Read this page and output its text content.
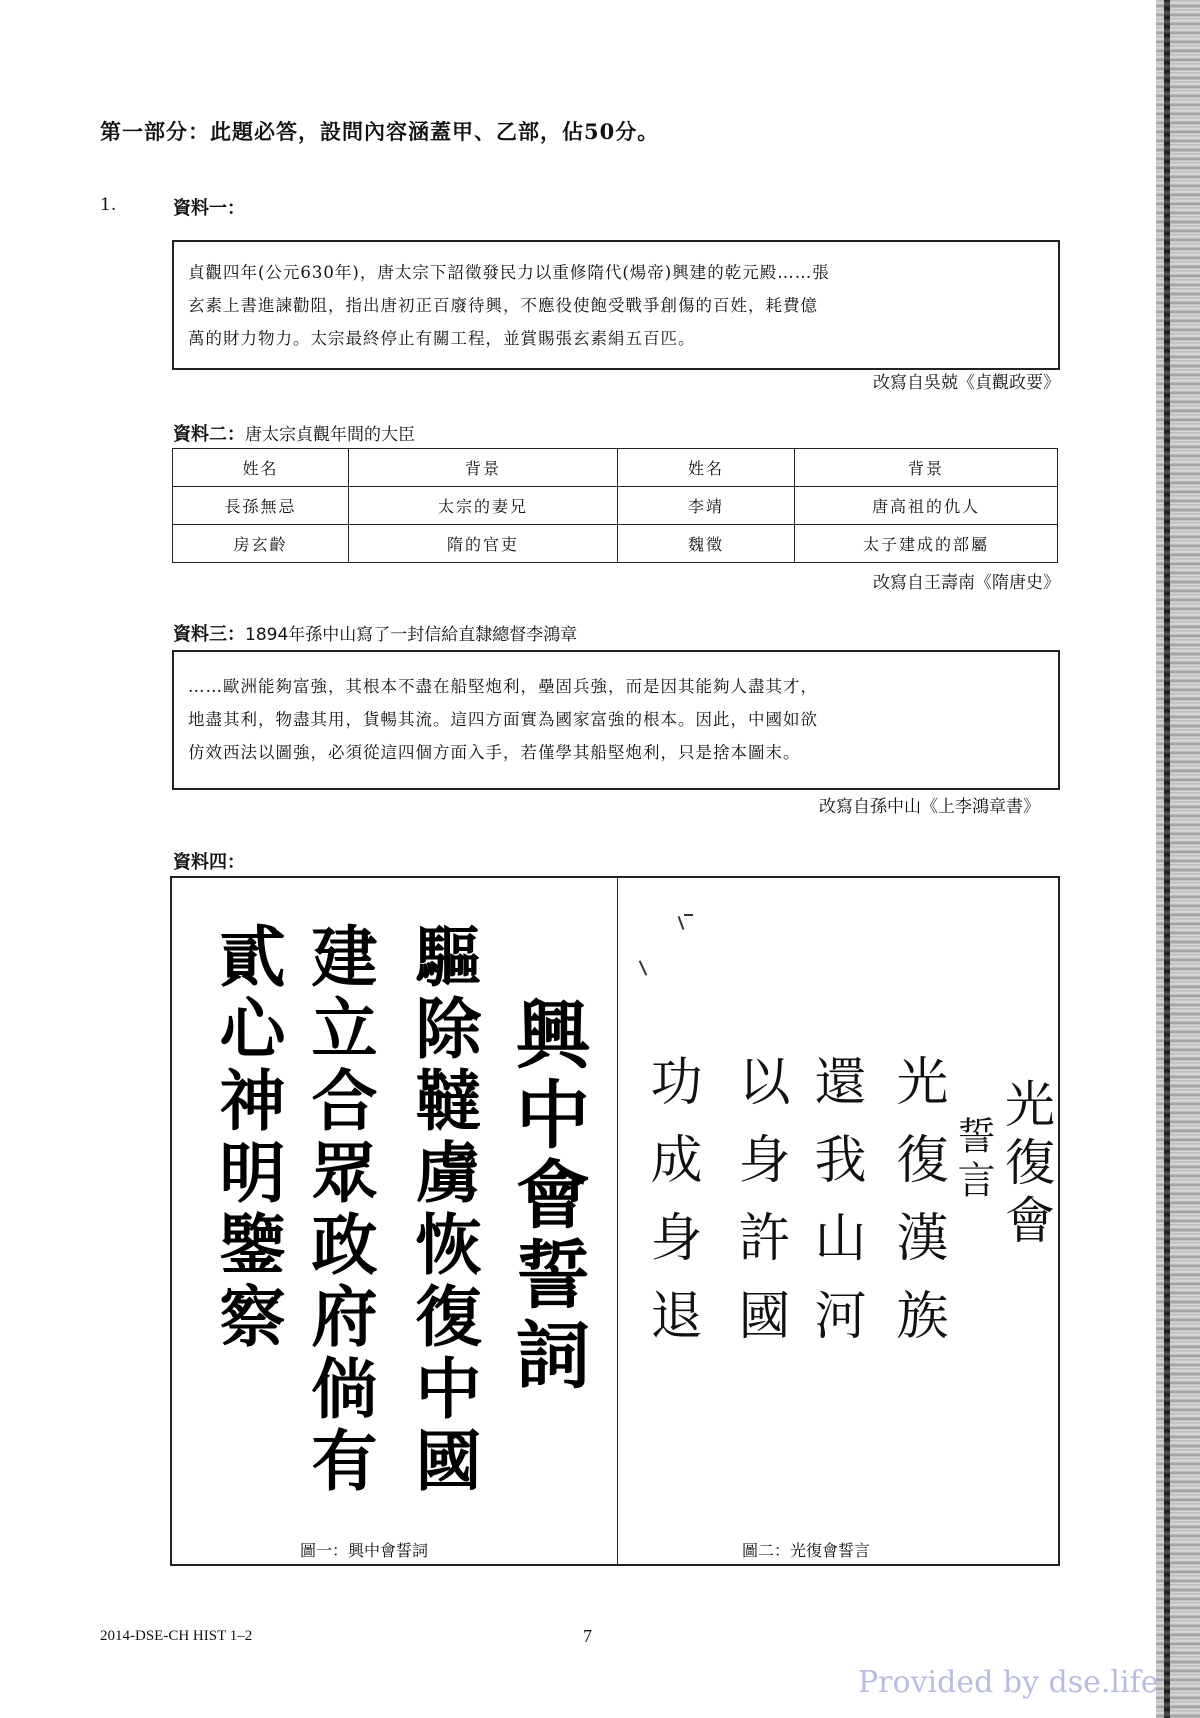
第一部分：此題必答，設問內容涵蓋甲、乙部，佔50分。
1.	資料一：
貞觀四年(公元630年)，唐太宗下詔徵發民力以重修隋代(煬帝)興建的乾元殿……張
玄素上書進諫勸阻，指出唐初正百廢待興，不應役使飽受戰爭創傷的百姓，耗費億
萬的財力物力。太宗最終停止有關工程，並賞賜張玄素絹五百匹。
改寫自吳兢《貞觀政要》
資料二：唐太宗貞觀年間的大臣
姓名	背景	姓名	背景
長孫無忌	太宗的妻兄	李靖	唐高祖的仇人
房玄齡	隋的官吏	魏徵	太子建成的部屬
改寫自王壽南《隋唐史》
資料三：1894年孫中山寫了一封信給直隸總督李鴻章
……歐洲能夠富強，其根本不盡在船堅炮利，壘固兵強，而是因其能夠人盡其才，
地盡其利，物盡其用，貨暢其流。這四方面實為國家富強的根本。因此，中國如欲
仿效西法以圖強，必須從這四個方面入手，若僅學其船堅炮利，只是捨本圖末。
改寫自孫中山《上李鴻章書》
資料四：
興中會誓詞
驅除韃虜恢復中國
建立合眾政府倘有
貳心神明鑒察
圖一：興中會誓詞
光復會
誓言
光復漢族
還我山河
以身許國
功成身退
圖二：光復會誓言
2014-DSE-CH HIST 1–2	7
Provided by dse.life
